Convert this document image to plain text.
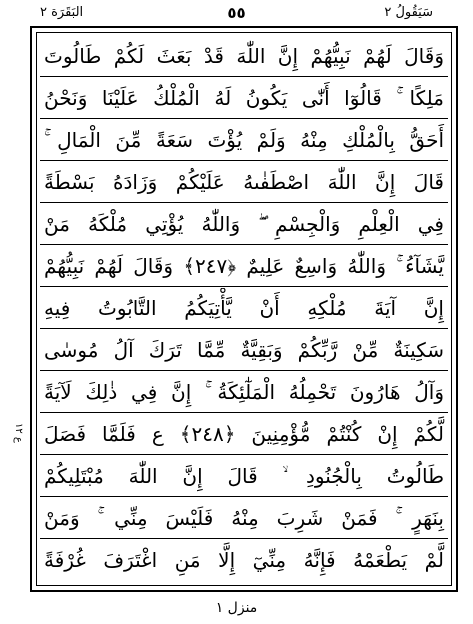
سَيَقُولُ ٢
٥٥
البَقَرَة ٢
ع ١٢
وَقَالَ لَهُمْ نَبِيُّهُمْ إِنَّ اللّٰهَ قَدْ بَعَثَ لَكُمْ طَالُوتَ
مَلِكًا ۚ قَالُوٓا أَنّٰى يَكُونُ لَهُ الْمُلْكُ عَلَيْنَا وَنَحْنُ
أَحَقُّ بِالْمُلْكِ مِنْهُ وَلَمْ يُؤْتَ سَعَةً مِّنَ الْمَالِ ۚ
قَالَ إِنَّ اللّٰهَ اصْطَفٰىهُ عَلَيْكُمْ وَزَادَهُ بَسْطَةً
فِي الْعِلْمِ وَالْجِسْمِ ۖ وَاللّٰهُ يُؤْتِي مُلْكَهُ مَنْ
يَّشَآءُ ۚ وَاللّٰهُ وَاسِعٌ عَلِيمٌ ﴿٢٤٧﴾ وَقَالَ لَهُمْ نَبِيُّهُمْ
إِنَّ آيَةَ مُلْكِهِ أَنْ يَّأْتِيَكُمُ التَّابُوتُ فِيهِ
سَكِينَةٌ مِّنْ رَّبِّكُمْ وَبَقِيَّةٌ مِّمَّا تَرَكَ آلُ مُوسٰى
وَآلُ هَارُونَ تَحْمِلُهُ الْمَلٰٓئِكَةُ ۚ إِنَّ فِي ذٰلِكَ لَآيَةً
لَّكُمْ إِنْ كُنْتُمْ مُّؤْمِنِينَ ﴿٢٤٨﴾ ع فَلَمَّا فَصَلَ
طَالُوتُ بِالْجُنُودِ ۙ قَالَ إِنَّ اللّٰهَ مُبْتَلِيكُمْ
بِنَهَرٍ ۚ فَمَنْ شَرِبَ مِنْهُ فَلَيْسَ مِنِّي ۚ وَمَنْ
لَّمْ يَطْعَمْهُ فَإِنَّهُ مِنِّيٓ إِلَّا مَنِ اغْتَرَفَ غُرْفَةً
منزل ١
